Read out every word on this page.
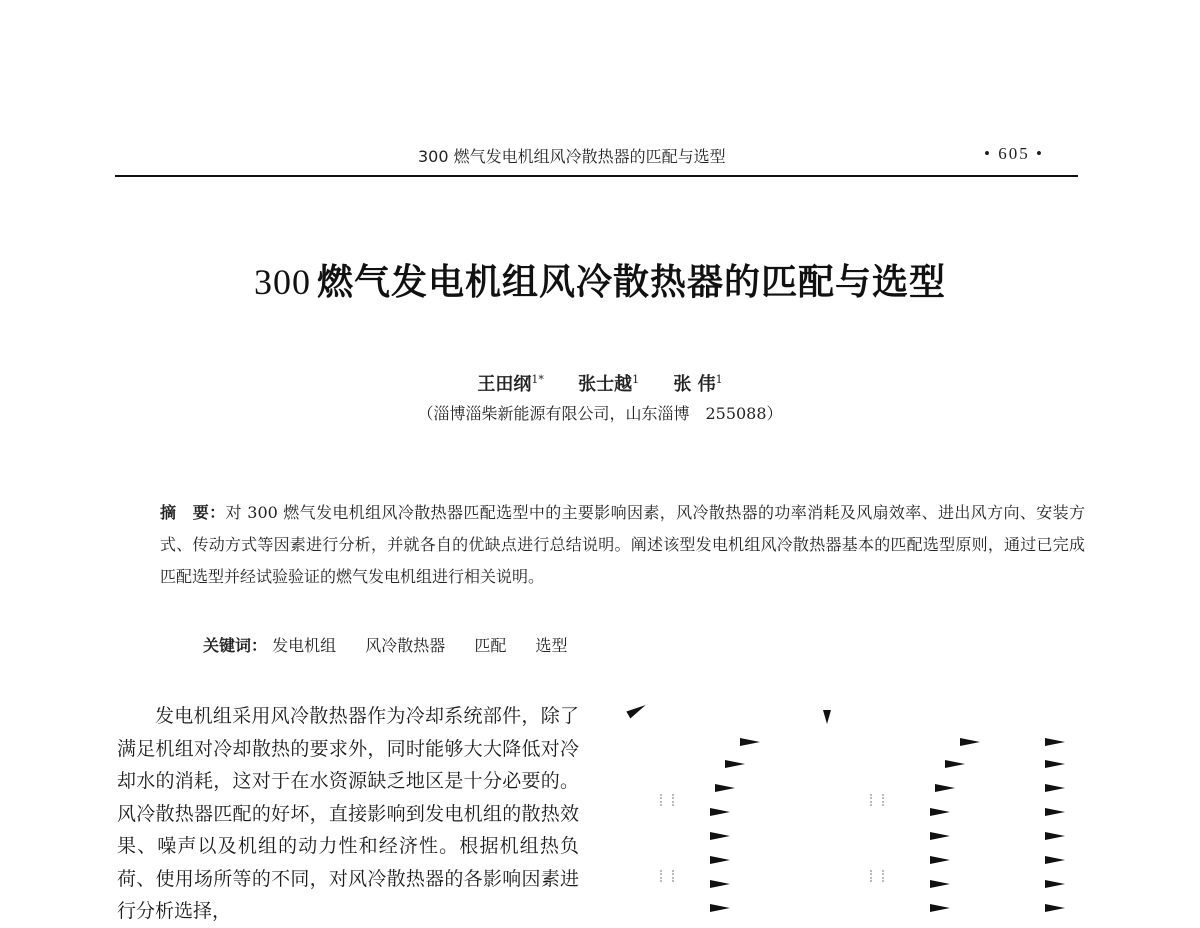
300 燃气发电机组风冷散热器的匹配与选型	• 605 •
300 燃气发电机组风冷散热器的匹配与选型
王田纲$^{1*}$ 张士越$^1$ 张 伟$^1$
（淄博淄柴新能源有限公司，山东淄博　255088）
摘　要：对 300 燃气发电机组风冷散热器匹配选型中的主要影响因素，风冷散热器的功率消耗及风扇效率、进出风方向、安装方式、传动方式等因素进行分析，并就各自的优缺点进行总结说明。阐述该型发电机组风冷散热器基本的匹配选型原则，通过已完成匹配选型并经试验验证的燃气发电机组进行相关说明。
关键词： 发电机组 风冷散热器 匹配 选型

发电机组采用风冷散热器作为冷却系统部件，除了满足机组对冷却散热的要求外，同时能够大大降低对冷却水的消耗，这对于在水资源缺乏地区是十分必要的。风冷散热器匹配的好坏，直接影响到发电机组的散热效果、噪声以及机组的动力性和经济性。根据机组热负荷、使用场所等的不同，对风冷散热器的各影响因素进行分析选择，
